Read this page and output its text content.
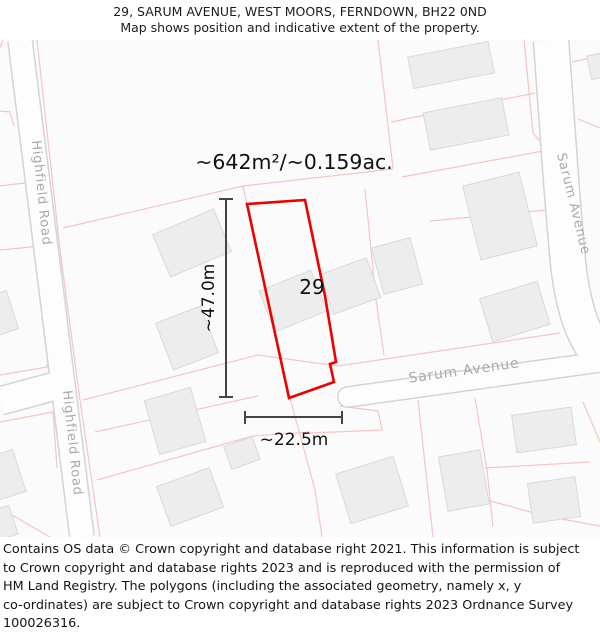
29, SARUM AVENUE, WEST MOORS, FERNDOWN, BH22 0ND
Map shows position and indicative extent of the property.
Highfield Road
Highfield Road
Sarum Avenue
Sarum Avenue
~642m²/~0.159ac.
29
~47.0m
~22.5m

Contains OS data © Crown copyright and database right 2021. This information is subject

to Crown copyright and database rights 2023 and is reproduced with the permission of

HM Land Registry. The polygons (including the associated geometry, namely x, y

co-ordinates) are subject to Crown copyright and database rights 2023 Ordnance Survey

100026316.
